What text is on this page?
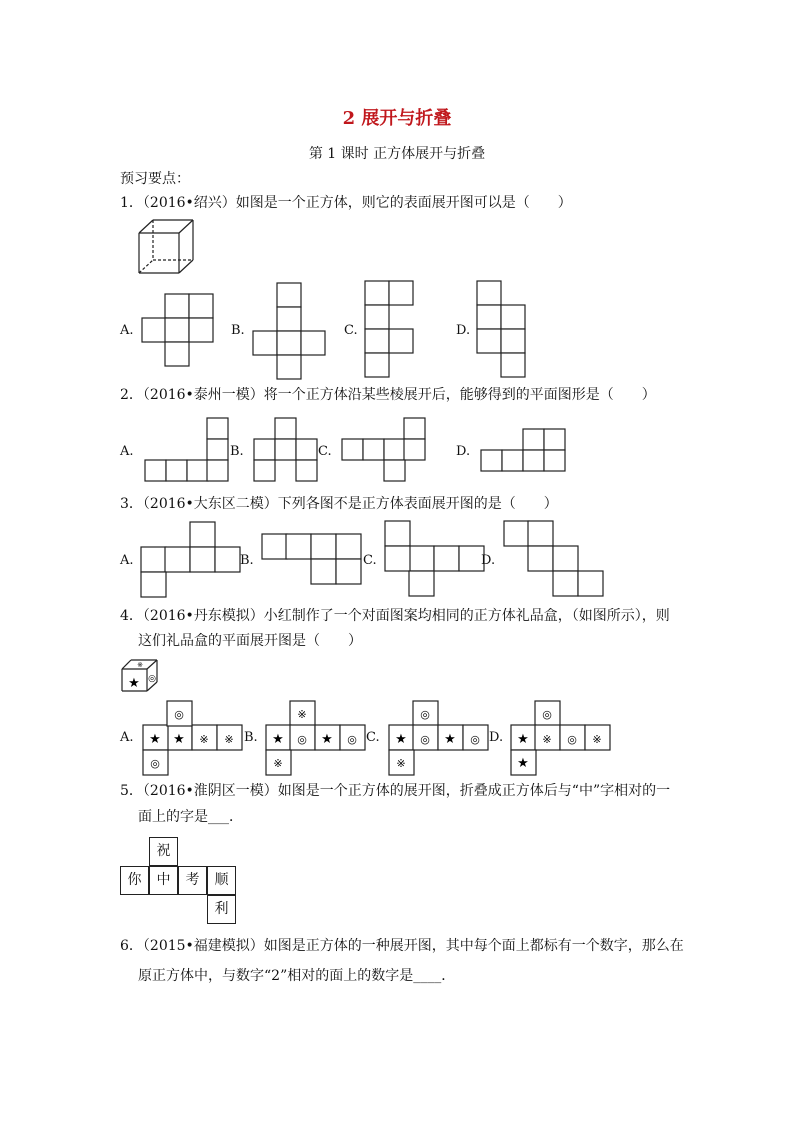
2 展开与折叠
第 1 课时 正方体展开与折叠
预习要点：
1．（2016•绍兴）如图是一个正方体，则它的表面展开图可以是（　　）
A.	B.	C.	D.
2．（2016•泰州一模）将一个正方体沿某些棱展开后，能够得到的平面图形是（　　）
A.	B.	C.	D.
3．（2016•大东区二模）下列各图不是正方体表面展开图的是（　　）
A.	B.	C.	D.
4．（2016•丹东模拟）小红制作了一个对面图案均相同的正方体礼品盒，（如图所示），则
这们礼品盒的平面展开图是（　　）
★ ◎
※
A.
◎
★ ★ ※ ※
◎
B.
※
★ ◎ ★ ◎
※
C.
◎
★ ◎ ★ ◎
※
D.
◎
★ ※ ◎ ※
★
5．（2016•淮阴区一模）如图是一个正方体的展开图，折叠成正方体后与“中”字相对的一
面上的字是___．
祝
你	中	考	顺
利
6．（2015•福建模拟）如图是正方体的一种展开图，其中每个面上都标有一个数字，那么在
原正方体中，与数字“2”相对的面上的数字是____．
